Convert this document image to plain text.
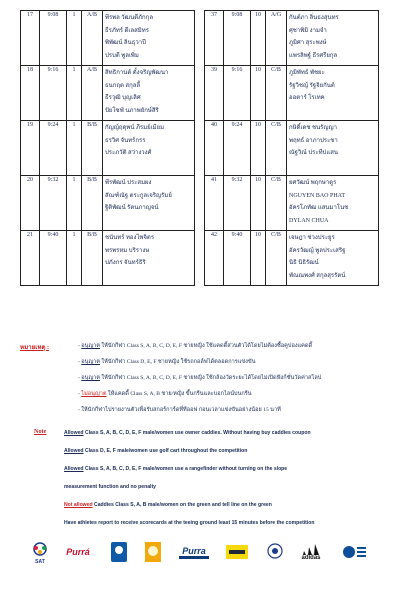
17	9:08	1	A/B	พีรพล วัฒนดีภักกุล
ธีรภัทร์ ดีเลสมิทร
พิพัฒน์ ลินธุวาปี
ปรบดี พูลเพิ่ม

18	9:16	1	A/B	สิทธิกานต์ ตั้งจริญพัฒนา
ธนกฤต สกุลลี้
ธีรวุฒิ บุญเลิศ
ปัยโซฟ์ นภาพยักษ์สิริ

19	9:24	1	B/B	กัญญ์ฤดุพน์ ภีรมย์เมียม
ธรวิศ จันทร์กรร
ประภวัติ สว่างวงศ์

20	9:32	1	B/B	พีรพัฒน์ ประสมผง
สัณฑ์ณัฐ ตระกูลเจริญรัมย์
ฐิติพัฒน์ รัตนภาญจน์

21	9:40	1	B/B	ชนันทร์ ทองไพจิตร
พรพรหม บริรางษ
ปภังกร จันทร์ธิริ
37	9:08	10	A/G	กันต์ภา ลิ่นธงสุนทร
ศุชาพิมิ งามจำ
ภูมิศา สุระพงษ์
แพรลิพฐ์ ธีรศรียกุล

39	9:16	10	C/B	ภูมิพัทธ์ พัชยะ
รัฐวิชญ์ รัฐจิยกันต์
ออตาร์ โรเทค

40	9:24	10	C/B	กษิดิ์เดช ชนรัญญา
พฤทธ์ อาภาประชา
ณัฐวิณ์ ประทีปแสน

41	9:32	10	C/B	ยศวัฒน์ พฤกษาดูร
NGUYEN BAO PHAT
อัครโภทัฒ แสนมาโนช
DYLAN CHUA

42	9:40	10	C/B	เจษฎา ช่วงประยูร
อัครวัฒญ์ พูลประเสริฐ
นิธิ นิธิรัฒน์
พัณณพงศ์ สกุลสุรรัตน์
หมายเหตุ :	- อนุญาต ให้นักกีฬา Class S, A, B, C, D, E, F ชายหญิง ใช้แคดดี้ส่วนตัวได้โดยไม่ต้องซื้อคูปองแคดดี้
- อนุญาต ให้นักกีฬา Class D, E, F ชายหญิง ใช้รถกอล์ฟได้ตลอดการแข่งขัน
- อนุญาต ให้นักกีฬา Class S, A, B, C, D, E, F ชายหญิง ใช้กล้องวัดระยะได้โดยไม่เปิดฟังก์ชั่นวัดค่าสโลป
- ไม่อนุญาต ให้แคดดี้ Class S, A, B ชาย/หญิง ขึ้นกรีนและบอกไลน์บนกรีน
- ให้นักกีฬาไปรายงานตัวเพื่อรับสกอร์การ์ดที่ทีออฟ ก่อนเวลาแข่งขันอย่างน้อย 15 นาที
Note	Allowed Class S, A, B, C, D, E, F male/women use owner caddies. Without having buy caddies coupon
Allowed Class D, E, F male/women use golf cart throughout the competition
Allowed Class S, A, B, C, D, E, F male/women use a rangefinder without turning on the slope
measurement function and no penalty
Not allowed Caddies Class S, A, B male/women on the green and tell line on the green
Have athletes report to receive scorecards at the teeing ground least 15 minutes before the competition
SAT
Purrá	Purra
adidas
